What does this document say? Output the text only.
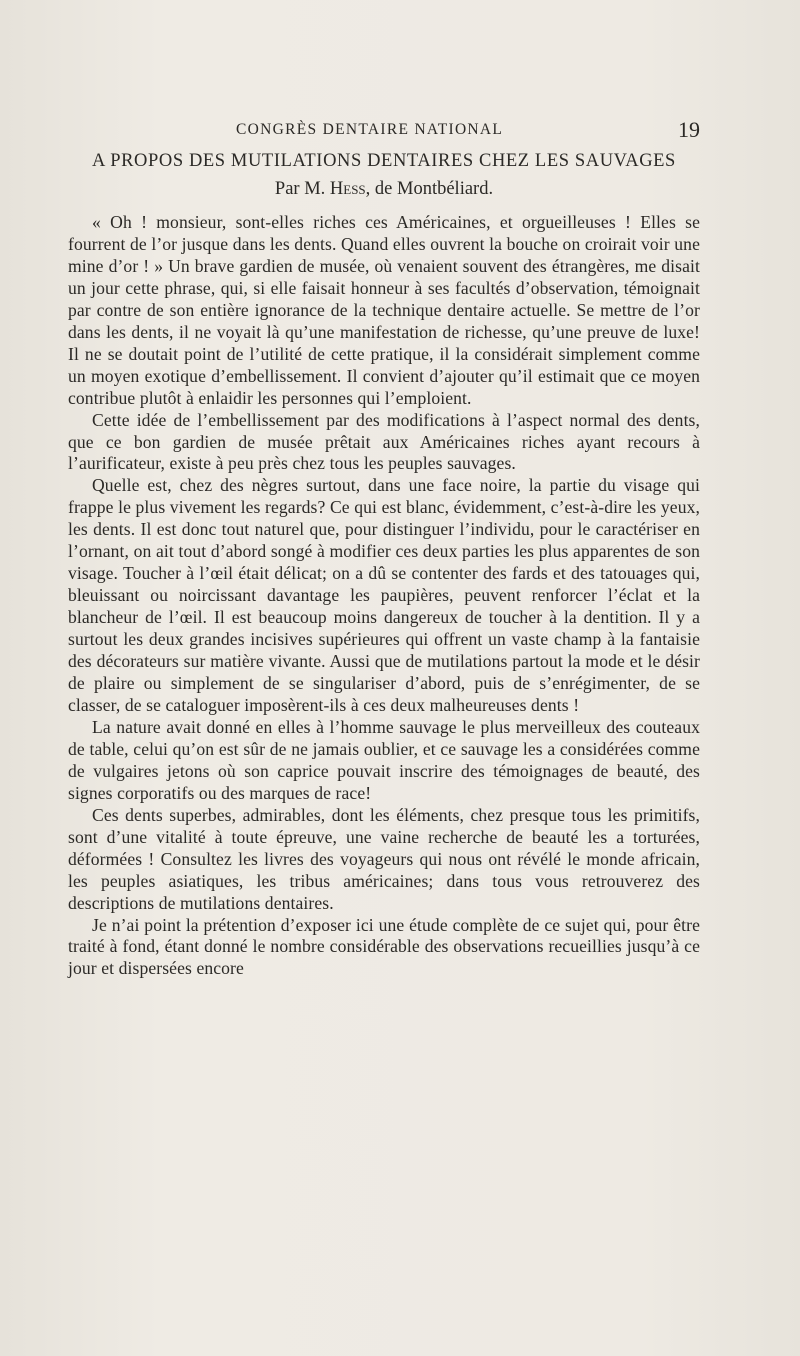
CONGRÈS DENTAIRE NATIONAL	19
A PROPOS DES MUTILATIONS DENTAIRES CHEZ LES SAUVAGES
Par M. Hess, de Montbéliard.

« Oh ! monsieur, sont-elles riches ces Américaines, et orgueilleuses ! Elles se fourrent de l’or jusque dans les dents. Quand elles ouvrent la bouche on croirait voir une mine d’or ! » Un brave gardien de musée, où venaient souvent des étrangères, me disait un jour cette phrase, qui, si elle faisait honneur à ses facultés d’observation, témoignait par contre de son entière ignorance de la technique dentaire actuelle. Se mettre de l’or dans les dents, il ne voyait là qu’une manifestation de richesse, qu’une preuve de luxe! Il ne se doutait point de l’utilité de cette pratique, il la considérait simplement comme un moyen exotique d’embellissement. Il convient d’ajouter qu’il estimait que ce moyen contribue plutôt à enlaidir les personnes qui l’emploient.

Cette idée de l’embellissement par des modifications à l’aspect normal des dents, que ce bon gardien de musée prêtait aux Américaines riches ayant recours à l’aurificateur, existe à peu près chez tous les peuples sauvages.

Quelle est, chez des nègres surtout, dans une face noire, la partie du visage qui frappe le plus vivement les regards? Ce qui est blanc, évidemment, c’est-à-dire les yeux, les dents. Il est donc tout naturel que, pour distinguer l’individu, pour le caractériser en l’ornant, on ait tout d’abord songé à modifier ces deux parties les plus apparentes de son visage. Toucher à l’œil était délicat; on a dû se contenter des fards et des tatouages qui, bleuissant ou noircissant davantage les paupières, peuvent renforcer l’éclat et la blancheur de l’œil. Il est beaucoup moins dangereux de toucher à la dentition. Il y a surtout les deux grandes incisives supérieures qui offrent un vaste champ à la fantaisie des décorateurs sur matière vivante. Aussi que de mutilations partout la mode et le désir de plaire ou simplement de se singulariser d’abord, puis de s’enrégimenter, de se classer, de se cataloguer imposèrent-ils à ces deux malheureuses dents !

La nature avait donné en elles à l’homme sauvage le plus merveilleux des couteaux de table, celui qu’on est sûr de ne jamais oublier, et ce sauvage les a considérées comme de vulgaires jetons où son caprice pouvait inscrire des témoignages de beauté, des signes corporatifs ou des marques de race!

Ces dents superbes, admirables, dont les éléments, chez presque tous les primitifs, sont d’une vitalité à toute épreuve, une vaine recherche de beauté les a torturées, déformées ! Consultez les livres des voyageurs qui nous ont révélé le monde africain, les peuples asiatiques, les tribus américaines; dans tous vous retrouverez des descriptions de mutilations dentaires.

Je n’ai point la prétention d’exposer ici une étude complète de ce sujet qui, pour être traité à fond, étant donné le nombre considérable des observations recueillies jusqu’à ce jour et dispersées encore
